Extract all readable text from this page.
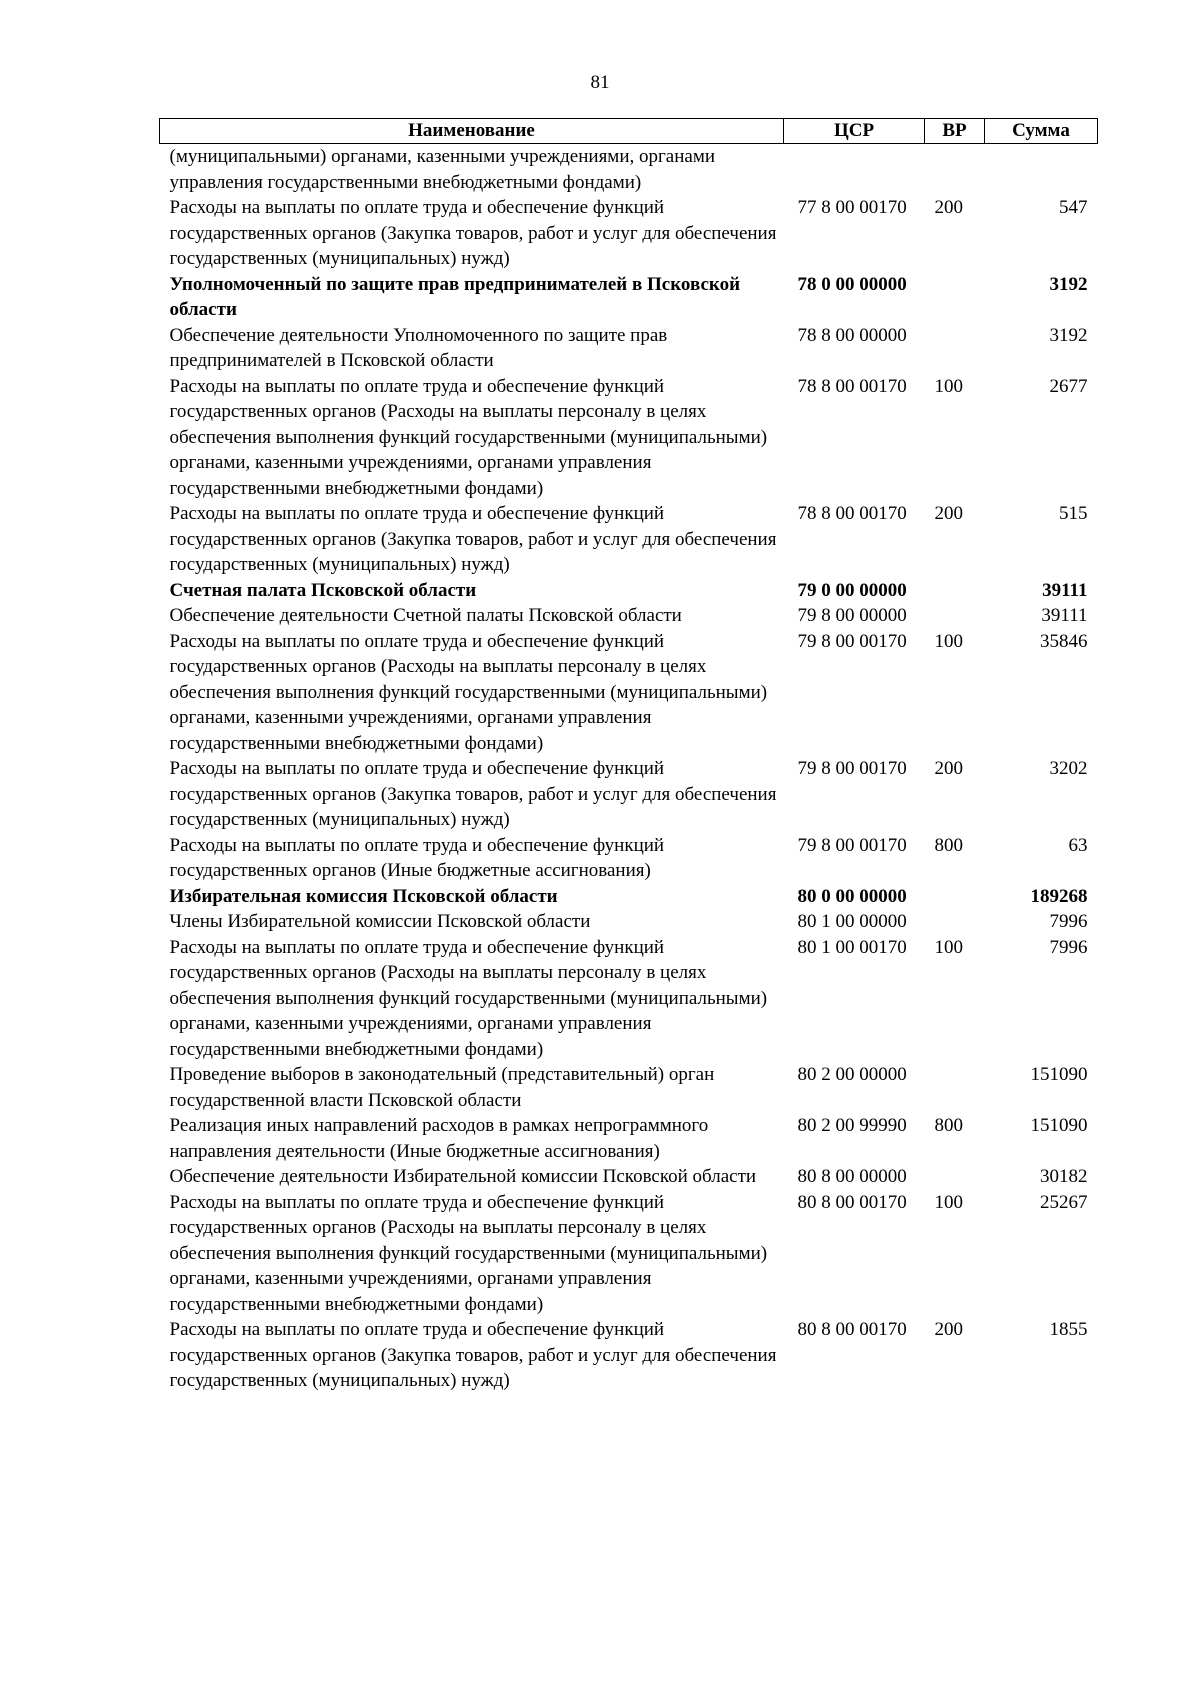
81
Наименование	ЦСР	ВР	Сумма
(муниципальными) органами, казенными учреждениями, органами управления государственными внебюджетными фондами)			
Расходы на выплаты по оплате труда и обеспечение функций государственных органов (Закупка товаров, работ и услуг для обеспечения государственных (муниципальных) нужд)	77 8 00 00170	200	547
Уполномоченный по защите прав предпринимателей в Псковской области	78 0 00 00000		3192
Обеспечение деятельности Уполномоченного по защите прав предпринимателей в Псковской области	78 8 00 00000		3192
Расходы на выплаты по оплате труда и обеспечение функций государственных органов (Расходы на выплаты персоналу в целях обеспечения выполнения функций государственными (муниципальными) органами, казенными учреждениями, органами управления государственными внебюджетными фондами)	78 8 00 00170	100	2677
Расходы на выплаты по оплате труда и обеспечение функций государственных органов (Закупка товаров, работ и услуг для обеспечения государственных (муниципальных) нужд)	78 8 00 00170	200	515
Счетная палата Псковской области	79 0 00 00000		39111
Обеспечение деятельности Счетной палаты Псковской области	79 8 00 00000		39111
Расходы на выплаты по оплате труда и обеспечение функций государственных органов (Расходы на выплаты персоналу в целях обеспечения выполнения функций государственными (муниципальными) органами, казенными учреждениями, органами управления государственными внебюджетными фондами)	79 8 00 00170	100	35846
Расходы на выплаты по оплате труда и обеспечение функций государственных органов (Закупка товаров, работ и услуг для обеспечения государственных (муниципальных) нужд)	79 8 00 00170	200	3202
Расходы на выплаты по оплате труда и обеспечение функций государственных органов (Иные бюджетные ассигнования)	79 8 00 00170	800	63
Избирательная комиссия Псковской области	80 0 00 00000		189268
Члены Избирательной комиссии Псковской области	80 1 00 00000		7996
Расходы на выплаты по оплате труда и обеспечение функций государственных органов (Расходы на выплаты персоналу в целях обеспечения выполнения функций государственными (муниципальными) органами, казенными учреждениями, органами управления государственными внебюджетными фондами)	80 1 00 00170	100	7996
Проведение выборов в законодательный (представительный) орган государственной власти Псковской области	80 2 00 00000		151090
Реализация иных направлений расходов в рамках непрограммного направления деятельности (Иные бюджетные ассигнования)	80 2 00 99990	800	151090
Обеспечение деятельности Избирательной комиссии Псковской области	80 8 00 00000		30182
Расходы на выплаты по оплате труда и обеспечение функций государственных органов (Расходы на выплаты персоналу в целях обеспечения выполнения функций государственными (муниципальными) органами, казенными учреждениями, органами управления государственными внебюджетными фондами)	80 8 00 00170	100	25267
Расходы на выплаты по оплате труда и обеспечение функций государственных органов (Закупка товаров, работ и услуг для обеспечения государственных (муниципальных) нужд)	80 8 00 00170	200	1855
